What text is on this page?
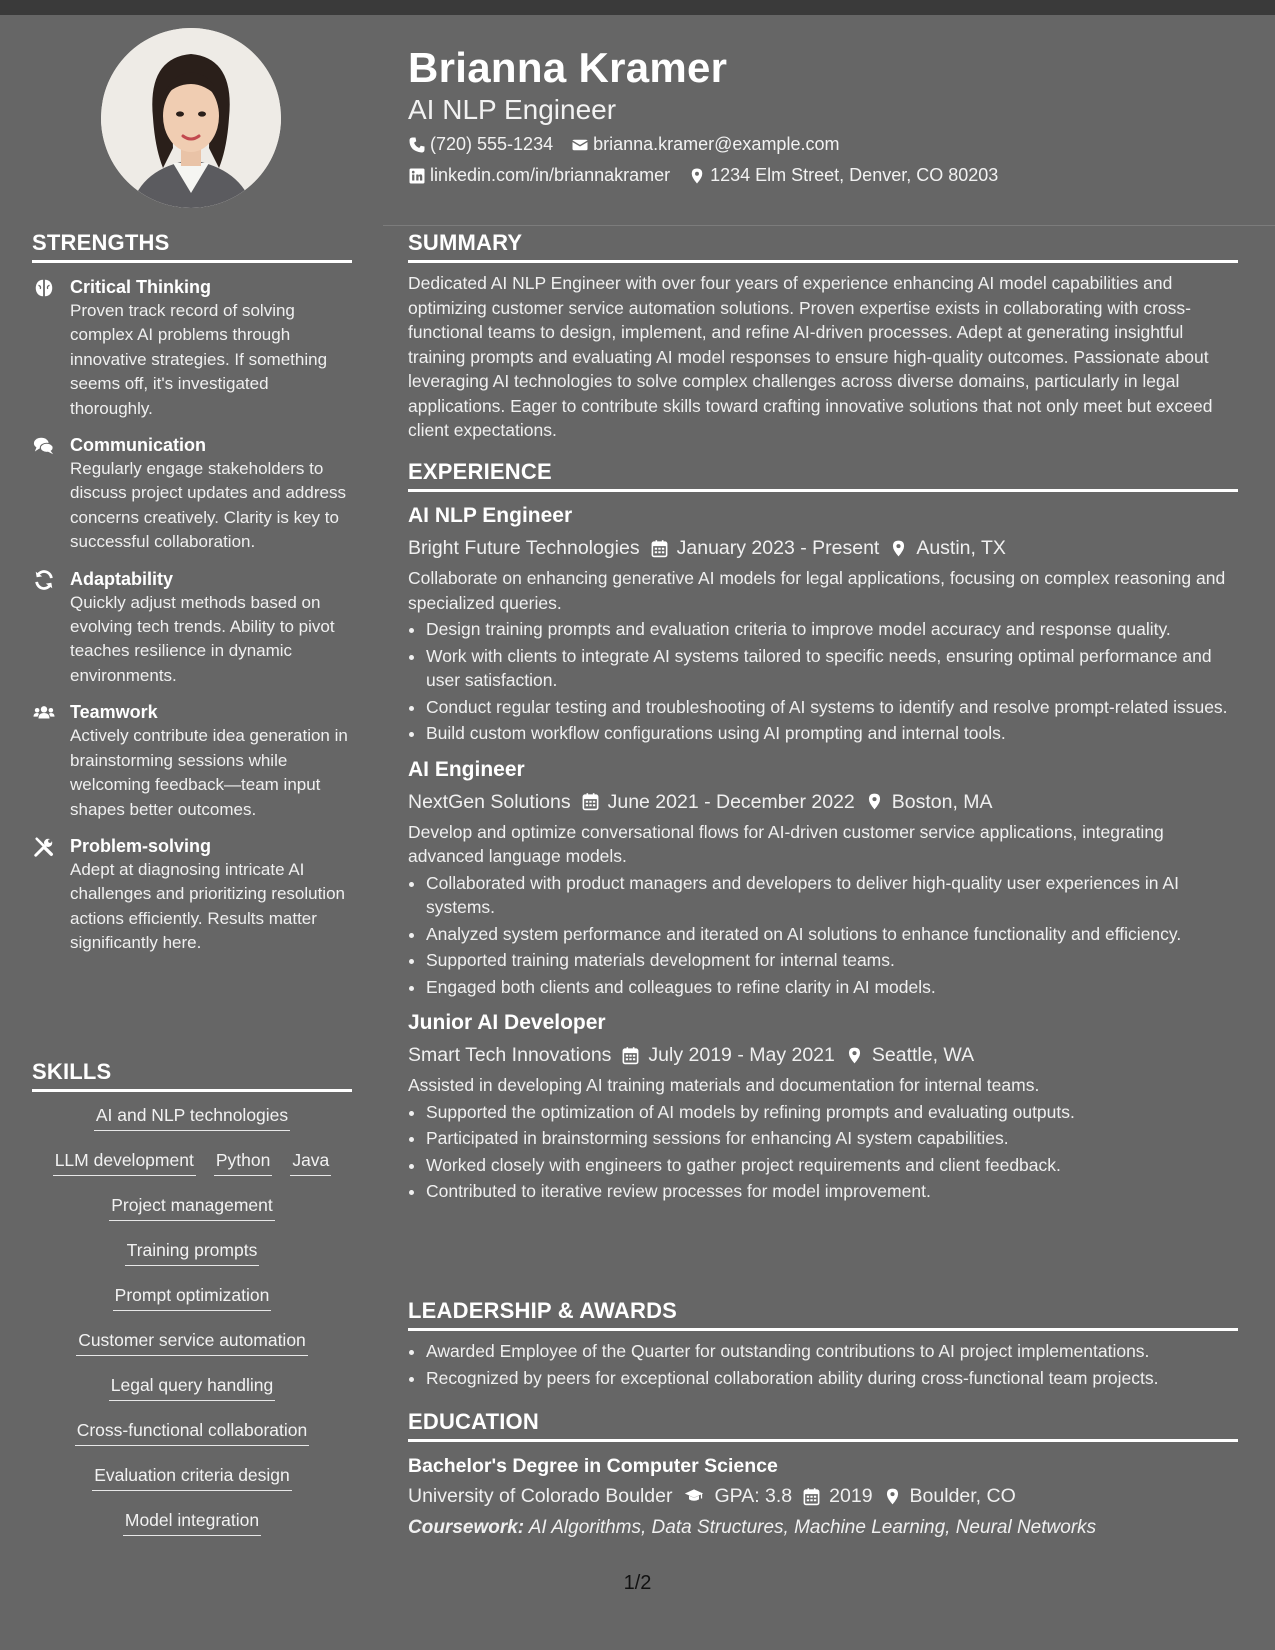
STRENGTHS
Critical Thinking
Proven track record of solving complex AI problems through innovative strategies. If something seems off, it's investigated thoroughly.
Communication
Regularly engage stakeholders to discuss project updates and address concerns creatively. Clarity is key to successful collaboration.
Adaptability
Quickly adjust methods based on evolving tech trends. Ability to pivot teaches resilience in dynamic environments.
Teamwork
Actively contribute idea generation in brainstorming sessions while welcoming feedback—team input shapes better outcomes.
Problem-solving
Adept at diagnosing intricate AI challenges and prioritizing resolution actions efficiently. Results matter significantly here.
SKILLS
AI and NLP technologies
LLM development Python Java
Project management
Training prompts
Prompt optimization
Customer service automation
Legal query handling
Cross-functional collaboration
Evaluation criteria design
Model integration
Brianna Kramer
AI NLP Engineer
(720) 555-1234 brianna.kramer@example.com
linkedin.com/in/briannakramer 1234 Elm Street, Denver, CO 80203
SUMMARY

Dedicated AI NLP Engineer with over four years of experience enhancing AI model capabilities and optimizing customer service automation solutions. Proven expertise exists in collaborating with cross-functional teams to design, implement, and refine AI-driven processes. Adept at generating insightful training prompts and evaluating AI model responses to ensure high-quality outcomes. Passionate about leveraging AI technologies to solve complex challenges across diverse domains, particularly in legal applications. Eager to contribute skills toward crafting innovative solutions that not only meet but exceed client expectations.

EXPERIENCE
AI NLP Engineer
Bright Future Technologies January 2023 - Present Austin, TX

Collaborate on enhancing generative AI models for legal applications, focusing on complex reasoning and specialized queries.

• Design training prompts and evaluation criteria to improve model accuracy and response quality.
• Work with clients to integrate AI systems tailored to specific needs, ensuring optimal performance and user satisfaction.
• Conduct regular testing and troubleshooting of AI systems to identify and resolve prompt-related issues.
• Build custom workflow configurations using AI prompting and internal tools.
AI Engineer
NextGen Solutions June 2021 - December 2022 Boston, MA

Develop and optimize conversational flows for AI-driven customer service applications, integrating advanced language models.

• Collaborated with product managers and developers to deliver high-quality user experiences in AI systems.
• Analyzed system performance and iterated on AI solutions to enhance functionality and efficiency.
• Supported training materials development for internal teams.
• Engaged both clients and colleagues to refine clarity in AI models.
Junior AI Developer
Smart Tech Innovations July 2019 - May 2021 Seattle, WA

Assisted in developing AI training materials and documentation for internal teams.

• Supported the optimization of AI models by refining prompts and evaluating outputs.
• Participated in brainstorming sessions for enhancing AI system capabilities.
• Worked closely with engineers to gather project requirements and client feedback.
• Contributed to iterative review processes for model improvement.
LEADERSHIP & AWARDS
• Awarded Employee of the Quarter for outstanding contributions to AI project implementations.
• Recognized by peers for exceptional collaboration ability during cross-functional team projects.
EDUCATION
Bachelor's Degree in Computer Science
University of Colorado Boulder GPA: 3.8 2019 Boulder, CO
Coursework: AI Algorithms, Data Structures, Machine Learning, Neural Networks
1/2
